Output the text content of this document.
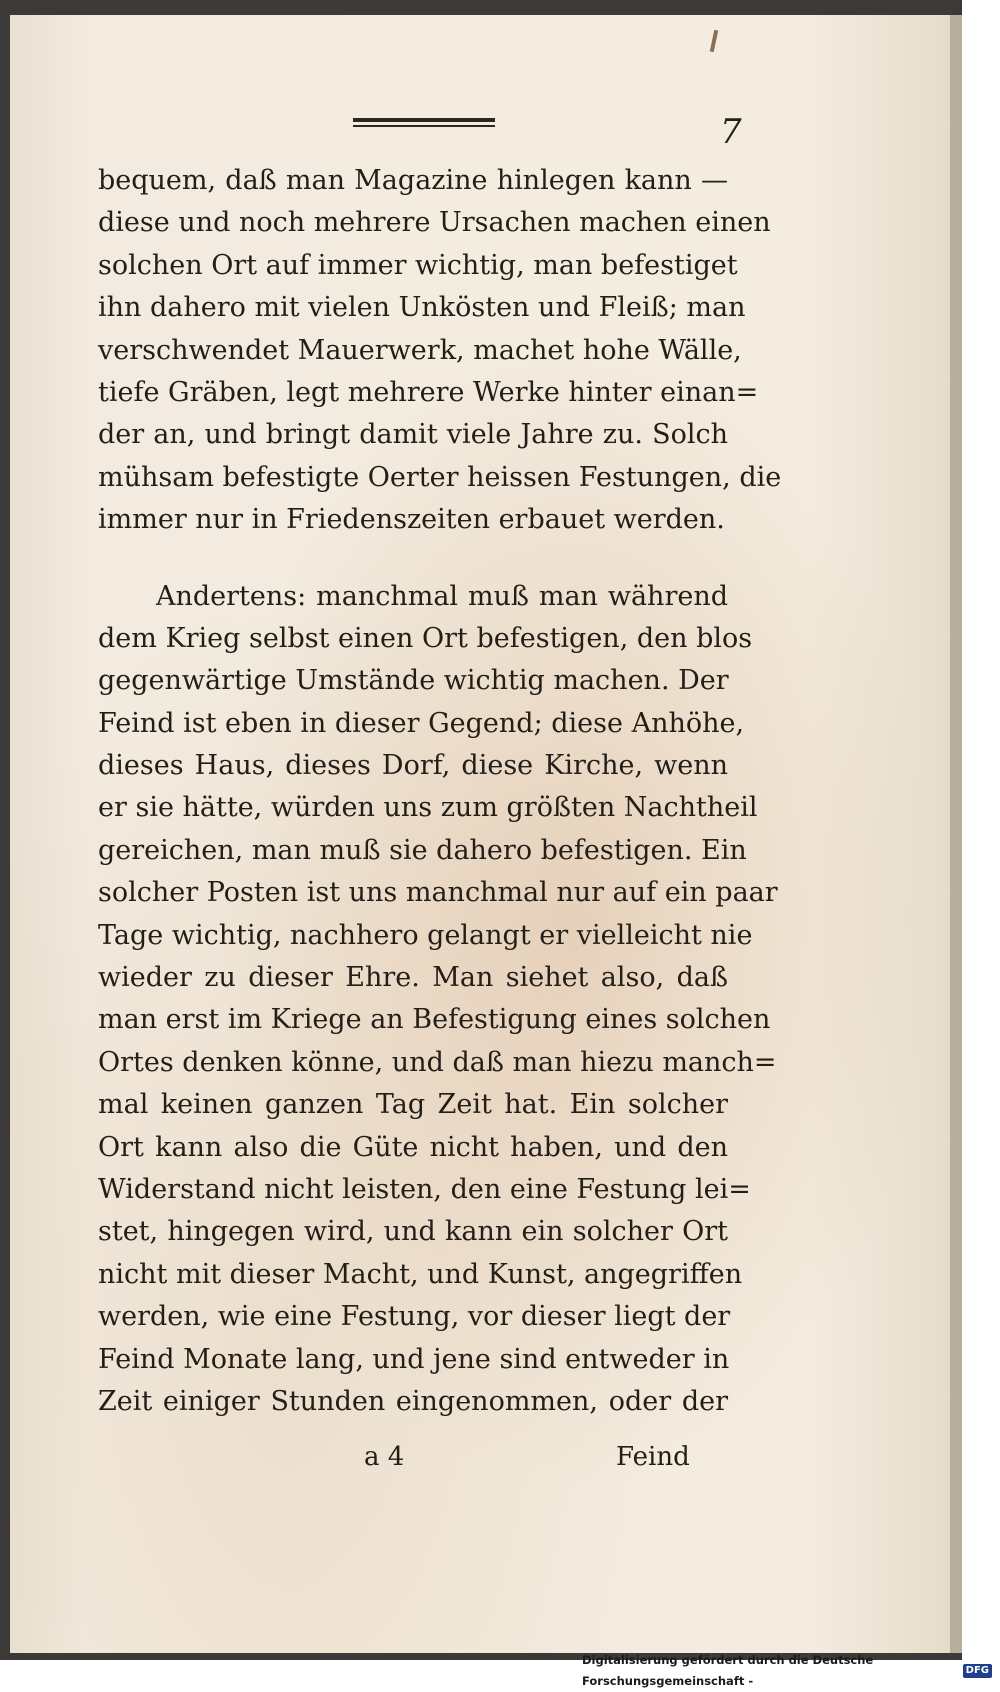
7
bequem, daß man Magazine hinlegen kann —
diese und noch mehrere Ursachen machen einen
solchen Ort auf immer wichtig, man befestiget
ihn dahero mit vielen Unkösten und Fleiß; man
verschwendet Mauerwerk, machet hohe Wälle,
tiefe Gräben, legt mehrere Werke hinter einan=
der an, und bringt damit viele Jahre zu. Solch
mühsam befestigte Oerter heissen Festungen, die
immer nur in Friedenszeiten erbauet werden.
Andertens: manchmal muß man während
dem Krieg selbst einen Ort befestigen, den blos
gegenwärtige Umstände wichtig machen. Der
Feind ist eben in dieser Gegend; diese Anhöhe,
dieses Haus, dieses Dorf, diese Kirche, wenn
er sie hätte, würden uns zum größten Nachtheil
gereichen, man muß sie dahero befestigen. Ein
solcher Posten ist uns manchmal nur auf ein paar
Tage wichtig, nachhero gelangt er vielleicht nie
wieder zu dieser Ehre. Man siehet also, daß
man erst im Kriege an Befestigung eines solchen
Ortes denken könne, und daß man hiezu manch=
mal keinen ganzen Tag Zeit hat. Ein solcher
Ort kann also die Güte nicht haben, und den
Widerstand nicht leisten, den eine Festung lei=
stet, hingegen wird, und kann ein solcher Ort
nicht mit dieser Macht, und Kunst, angegriffen
werden, wie eine Festung, vor dieser liegt der
Feind Monate lang, und jene sind entweder in
Zeit einiger Stunden eingenommen, oder der
a 4	Feind
Digitalisierung gefördert durch die Deutsche Forschungsgemeinschaft -
DFG
